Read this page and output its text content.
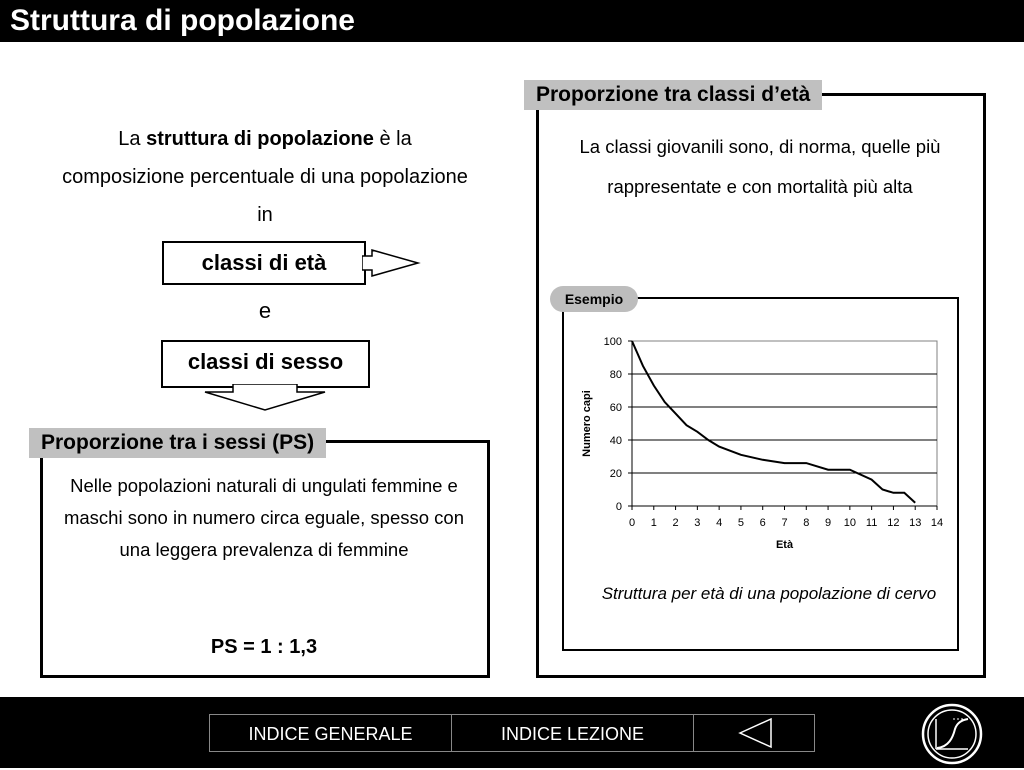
Struttura di popolazione
La struttura di popolazione è la composizione percentuale di una popolazione in
classi di età
e
classi di sesso
Proporzione tra i sessi (PS)
Nelle popolazioni naturali di ungulati femmine e maschi sono in numero circa eguale, spesso con una leggera prevalenza di femmine
PS = 1 : 1,3
Proporzione tra classi d’età
La classi giovanili sono, di norma, quelle più rappresentate e con mortalità più alta
Esempio
0
20
40
60
80
100
0 1 2 3 4 5 6 7 8 9 10 11 12 13 14
Età
Numero capi
Struttura per età di una popolazione di cervo
INDICE GENERALE	INDICE LEZIONE
